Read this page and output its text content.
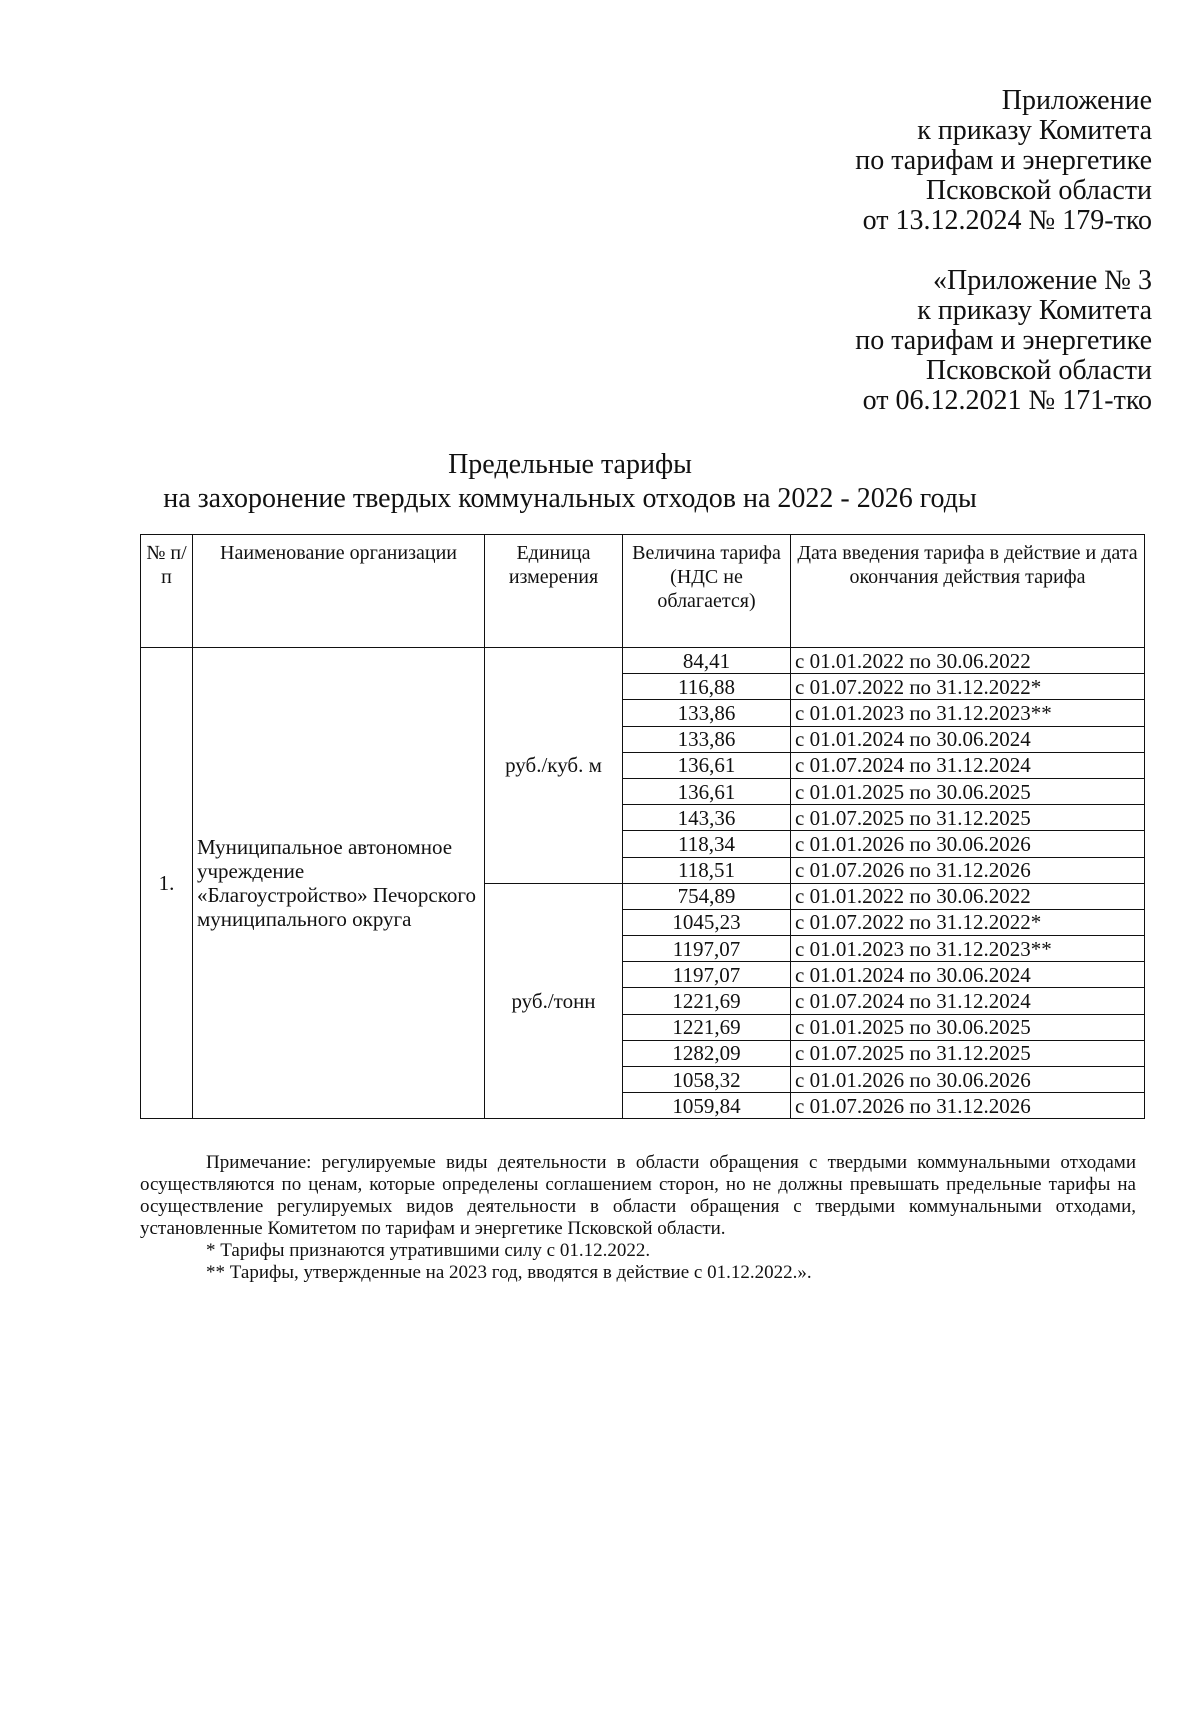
Приложение
к приказу Комитета
по тарифам и энергетике
Псковской области
от 13.12.2024 № 179-тко
«Приложение № 3
к приказу Комитета
по тарифам и энергетике
Псковской области
от 06.12.2021 № 171-тко
Предельные тарифы
на захоронение твердых коммунальных отходов на 2022 - 2026 годы
№ п/п	Наименование организации	Единица измерения	Величина тарифа (НДС не облагается)	Дата введения тарифа в действие и дата окончания действия тарифа
1.	Муниципальное автономное учреждение «Благоустройство» Печорского муниципального округа	руб./куб. м	84,41	с 01.01.2022 по 30.06.2022
			116,88	с 01.07.2022 по 31.12.2022*
			133,86	с 01.01.2023 по 31.12.2023**
			133,86	с 01.01.2024 по 30.06.2024
			136,61	с 01.07.2024 по 31.12.2024
			136,61	с 01.01.2025 по 30.06.2025
			143,36	с 01.07.2025 по 31.12.2025
			118,34	с 01.01.2026 по 30.06.2026
			118,51	с 01.07.2026 по 31.12.2026
		руб./тонн	754,89	с 01.01.2022 по 30.06.2022
			1045,23	с 01.07.2022 по 31.12.2022*
			1197,07	с 01.01.2023 по 31.12.2023**
			1197,07	с 01.01.2024 по 30.06.2024
			1221,69	с 01.07.2024 по 31.12.2024
			1221,69	с 01.01.2025 по 30.06.2025
			1282,09	с 01.07.2025 по 31.12.2025
			1058,32	с 01.01.2026 по 30.06.2026
			1059,84	с 01.07.2026 по 31.12.2026

Примечание: регулируемые виды деятельности в области обращения с твердыми коммунальными отходами осуществляются по ценам, которые определены соглашением сторон, но не должны превышать предельные тарифы на осуществление регулируемых видов деятельности в области обращения с твердыми коммунальными отходами, установленные Комитетом по тарифам и энергетике Псковской области.

* Тарифы признаются утратившими силу с 01.12.2022.

** Тарифы, утвержденные на 2023 год, вводятся в действие с 01.12.2022.».
